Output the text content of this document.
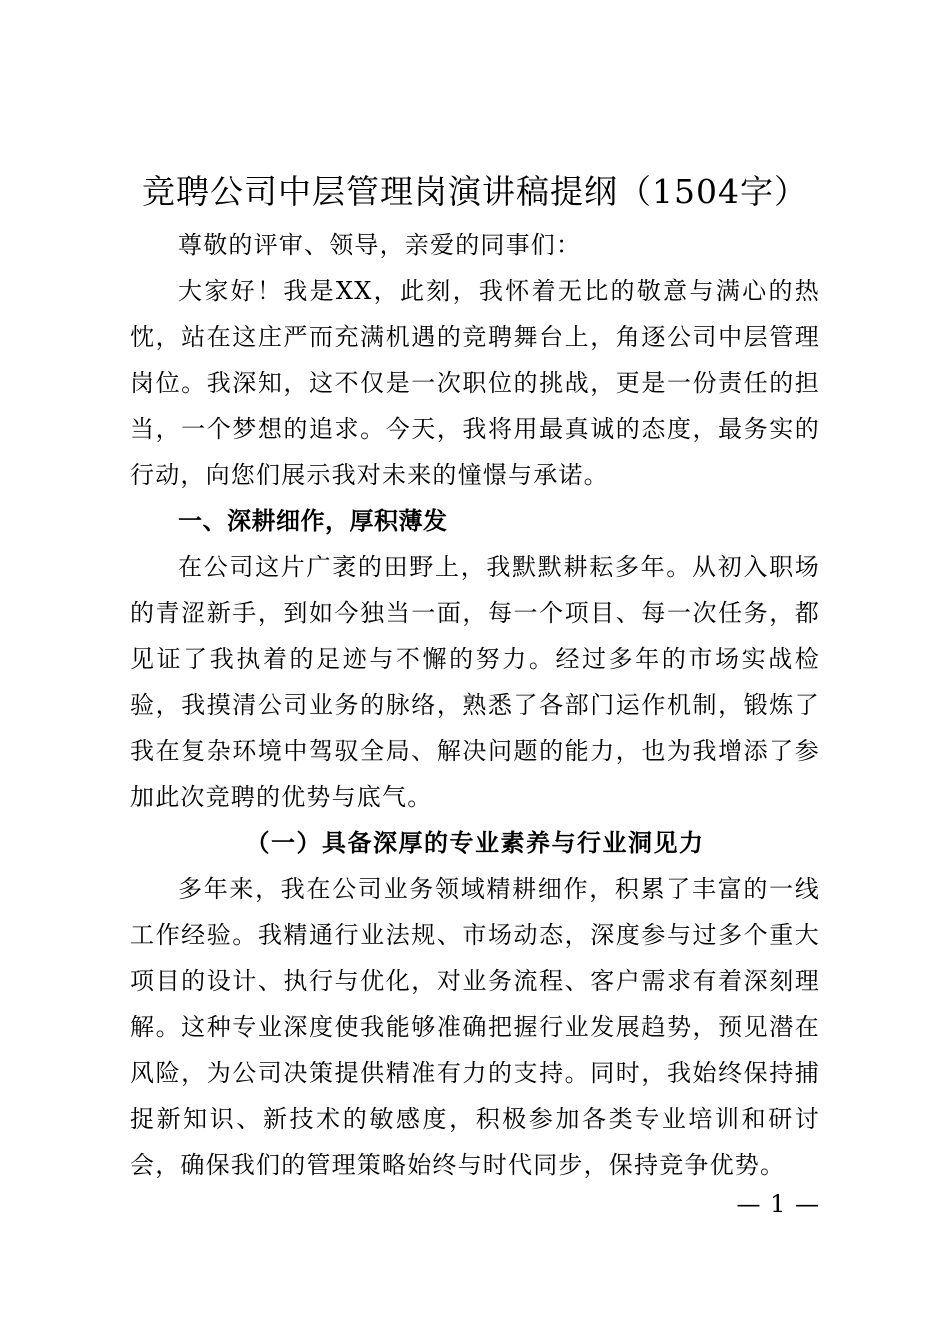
竞聘公司中层管理岗演讲稿提纲（1504字）

尊敬的评审、领导，亲爱的同事们：

大家好！我是XX，此刻，我怀着无比的敬意与满心的热忱，站在这庄严而充满机遇的竞聘舞台上，角逐公司中层管理岗位。我深知，这不仅是一次职位的挑战，更是一份责任的担当，一个梦想的追求。今天，我将用最真诚的态度，最务实的行动，向您们展示我对未来的憧憬与承诺。

一、深耕细作，厚积薄发

在公司这片广袤的田野上，我默默耕耘多年。从初入职场的青涩新手，到如今独当一面，每一个项目、每一次任务，都见证了我执着的足迹与不懈的努力。经过多年的市场实战检验，我摸清公司业务的脉络，熟悉了各部门运作机制，锻炼了我在复杂环境中驾驭全局、解决问题的能力，也为我增添了参加此次竞聘的优势与底气。

（一）具备深厚的专业素养与行业洞见力

多年来，我在公司业务领域精耕细作，积累了丰富的一线工作经验。我精通行业法规、市场动态，深度参与过多个重大项目的设计、执行与优化，对业务流程、客户需求有着深刻理解。这种专业深度使我能够准确把握行业发展趋势，预见潜在风险，为公司决策提供精准有力的支持。同时，我始终保持捕捉新知识、新技术的敏感度，积极参加各类专业培训和研讨会，确保我们的管理策略始终与时代同步，保持竞争优势。

— 1 —
